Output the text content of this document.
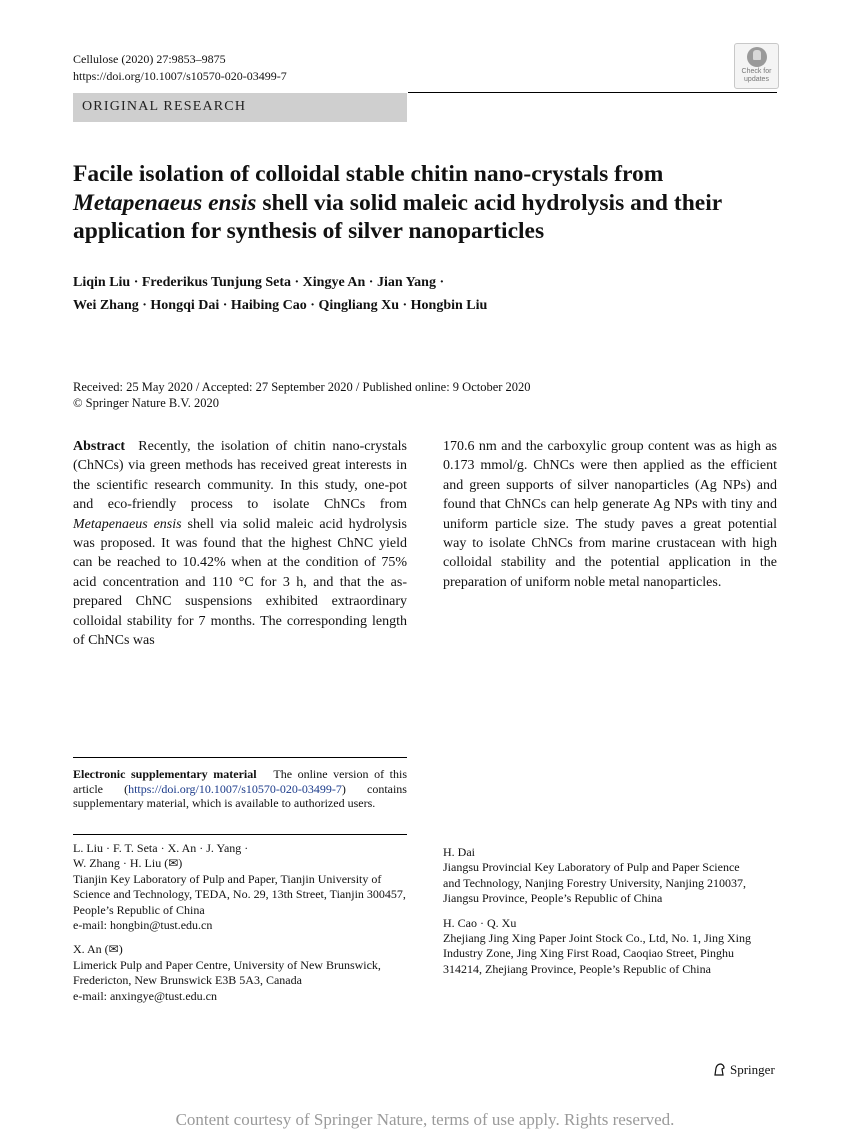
Cellulose (2020) 27:9853–9875
https://doi.org/10.1007/s10570-020-03499-7	Check for
updates
ORIGINAL RESEARCH
Facile isolation of colloidal stable chitin nano-crystals from Metapenaeus ensis shell via solid maleic acid hydrolysis and their application for synthesis of silver nanoparticles
Liqin Liu · Frederikus Tunjung Seta · Xingye An · Jian Yang ·
Wei Zhang · Hongqi Dai · Haibing Cao · Qingliang Xu · Hongbin Liu
Received: 25 May 2020 / Accepted: 27 September 2020 / Published online: 9 October 2020
© Springer Nature B.V. 2020
Abstract Recently, the isolation of chitin nano-crystals (ChNCs) via green methods has received great interests in the scientific research community. In this study, one-pot and eco-friendly process to isolate ChNCs from Metapenaeus ensis shell via solid maleic acid hydrolysis was proposed. It was found that the highest ChNC yield can be reached to 10.42% when at the condition of 75% acid concentration and 110 °C for 3 h, and that the as-prepared ChNC suspensions exhibited extraordinary colloidal stability for 7 months. The corresponding length of ChNCs was
170.6 nm and the carboxylic group content was as high as 0.173 mmol/g. ChNCs were then applied as the efficient and green supports of silver nanoparticles (Ag NPs) and found that ChNCs can help generate Ag NPs with tiny and uniform particle size. The study paves a great potential way to isolate ChNCs from marine crustacean with high colloidal stability and the potential application in the preparation of uniform noble metal nanoparticles.
Electronic supplementary material The online version of this article (https://doi.org/10.1007/s10570-020-03499-7) contains supplementary material, which is available to authorized users.

L. Liu · F. T. Seta · X. An · J. Yang ·
W. Zhang · H. Liu (✉)
Tianjin Key Laboratory of Pulp and Paper, Tianjin University of Science and Technology, TEDA, No. 29, 13th Street, Tianjin 300457, People’s Republic of China
e-mail: hongbin@tust.edu.cn

X. An (✉)
Limerick Pulp and Paper Centre, University of New Brunswick, Fredericton, New Brunswick E3B 5A3, Canada
e-mail: anxingye@tust.edu.cn

H. Dai
Jiangsu Provincial Key Laboratory of Pulp and Paper Science and Technology, Nanjing Forestry University, Nanjing 210037, Jiangsu Province, People’s Republic of China

H. Cao · Q. Xu
Zhejiang Jing Xing Paper Joint Stock Co., Ltd, No. 1, Jing Xing Industry Zone, Jing Xing First Road, Caoqiao Street, Pinghu 314214, Zhejiang Province, People’s Republic of China

Springer
Content courtesy of Springer Nature, terms of use apply. Rights reserved.
